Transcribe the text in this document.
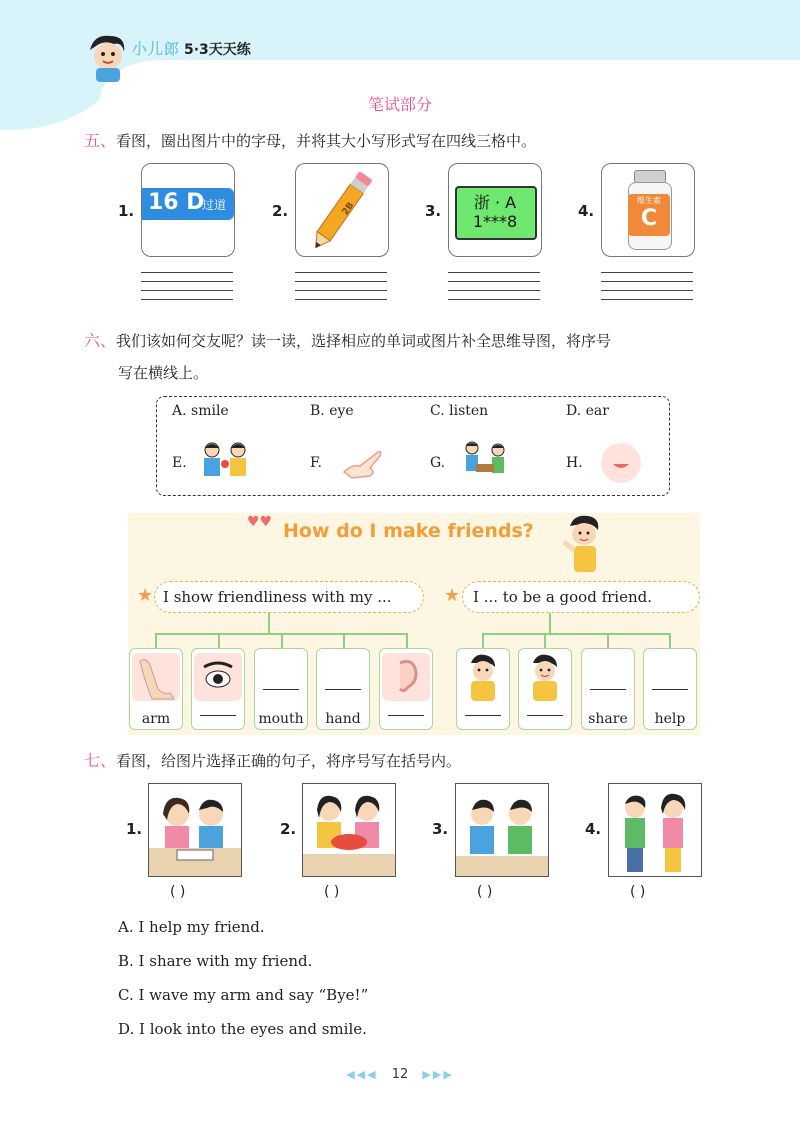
小儿郎 5·3天天练
笔试部分
五、看图，圈出图片中的字母，并将其大小写形式写在四线三格中。
1. 16 D
过道	2.	2B	3.	浙 · A
1***8
4.
维生素
C
六、我们该如何交友呢？读一读，选择相应的单词或图片补全思维导图，将序号
写在横线上。
A. smile	B. eye	C. listen	D. ear
E.	F.	G.	H.
♥♥ How do I make friends?
★ I show friendliness with my ...	★ I ... to be a good friend.
arm	mouth	hand	share	help
七、看图，给图片选择正确的句子，将序号写在括号内。
1.
( )
2.
( )
3.
( )
4.
( )
A. I help my friend.
B. I share with my friend.
C. I wave my arm and say “Bye!”
D. I look into the eyes and smile.
◀◀◀ 12 ▶▶▶
